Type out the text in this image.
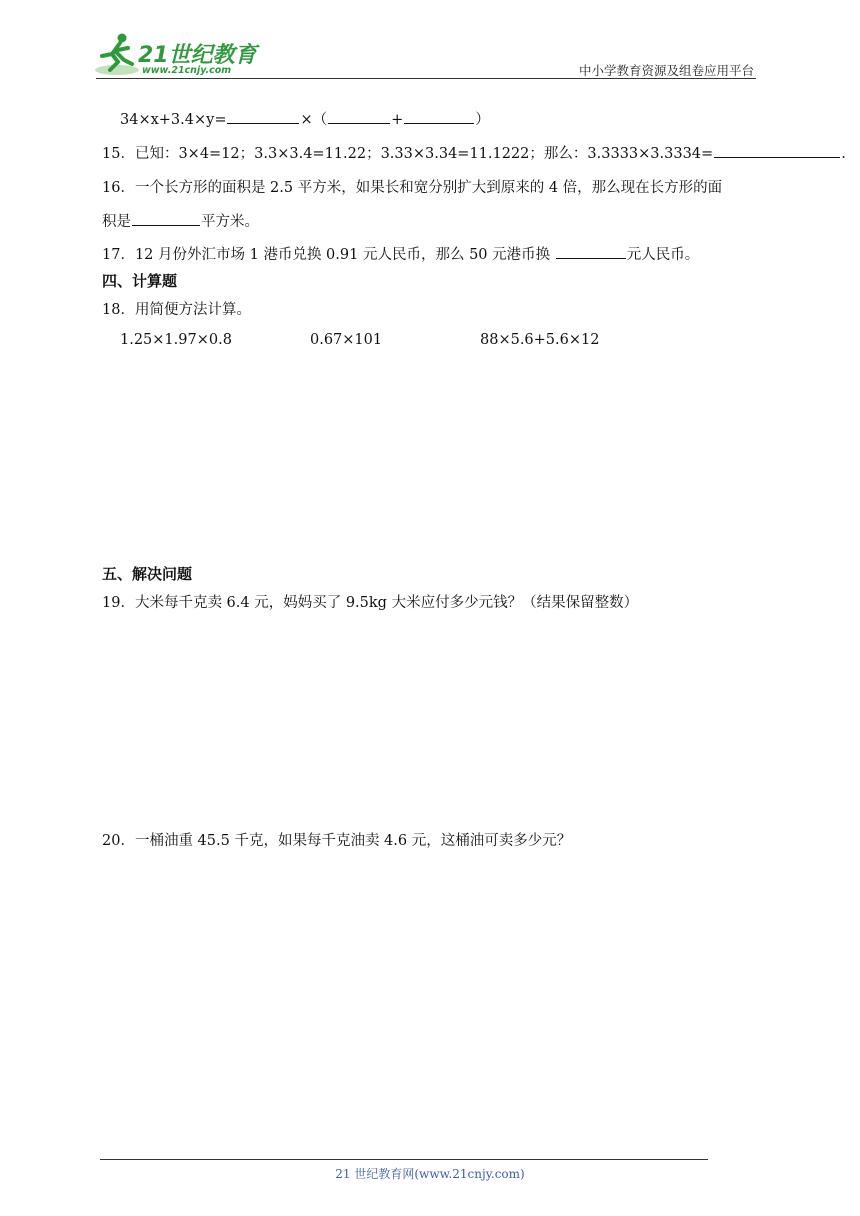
21世纪教育
www.21cnjy.com	中小学教育资源及组卷应用平台
34×x+3.4×y=	×（	+	）
15．已知：3×4=12；3.3×3.4=11.22；3.33×3.34=11.1222；那么：3.3333×3.3334=	.
16．一个长方形的面积是 2.5 平方米，如果长和宽分别扩大到原来的 4 倍，那么现在长方形的面
积是	平方米。
17．12 月份外汇市场 1 港币兑换 0.91 元人民币，那么 50 元港币换	元人民币。
四、计算题
18．用简便方法计算。
1.25×1.97×0.8	0.67×101	88×5.6+5.6×12
五、解决问题
19．大米每千克卖 6.4 元，妈妈买了 9.5kg 大米应付多少元钱？（结果保留整数）
20．一桶油重 45.5 千克，如果每千克油卖 4.6 元，这桶油可卖多少元？
21 世纪教育网(www.21cnjy.com)
